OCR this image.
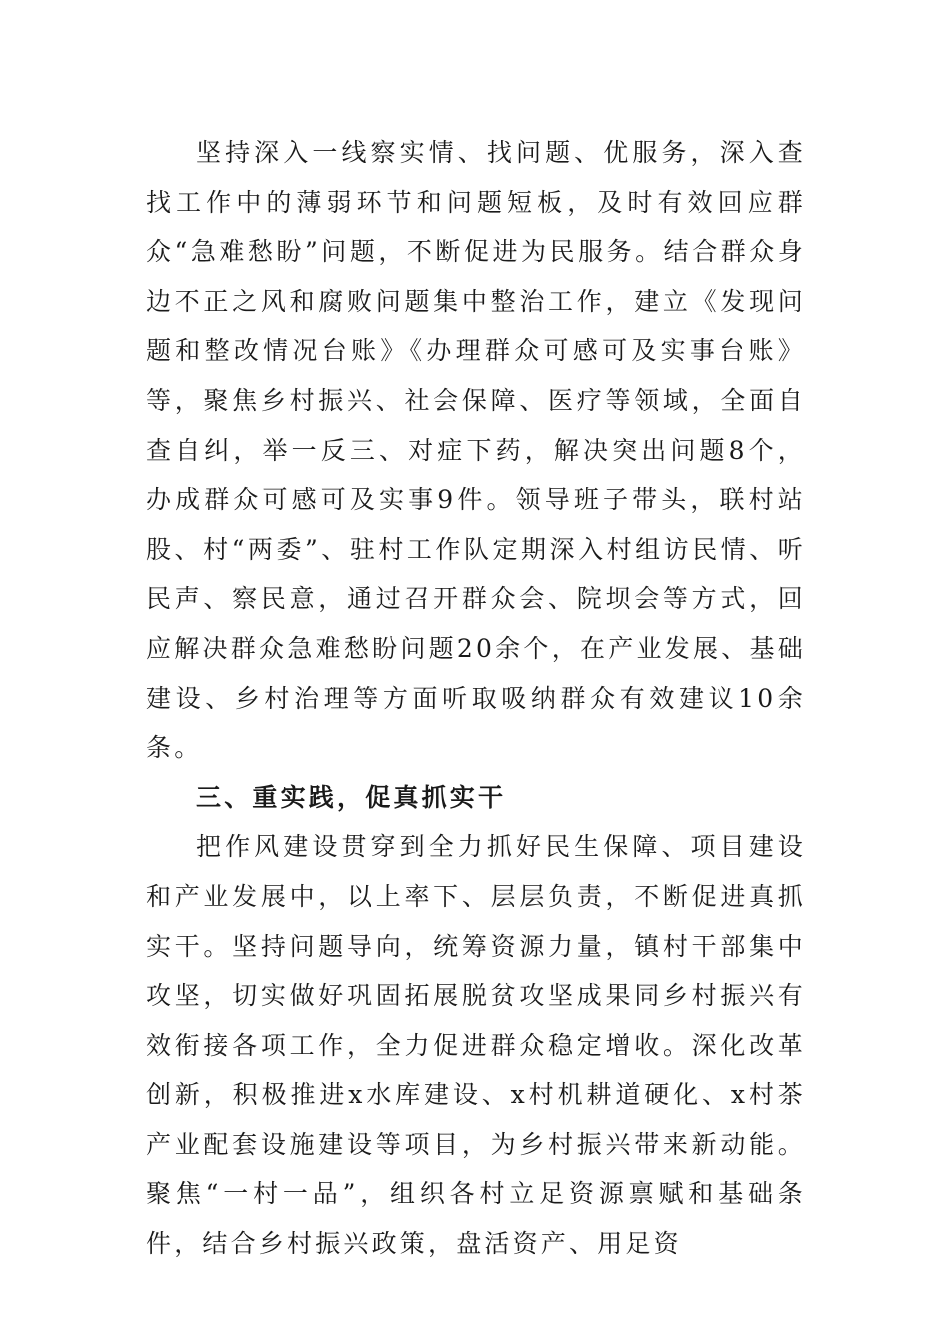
坚持深入一线察实情、找问题、优服务，深入查找工作中的薄弱环节和问题短板，及时有效回应群众“急难愁盼”问题，不断促进为民服务。结合群众身边不正之风和腐败问题集中整治工作，建立《发现问题和整改情况台账》《办理群众可感可及实事台账》等，聚焦乡村振兴、社会保障、医疗等领域，全面自查自纠，举一反三、对症下药，解决突出问题8个，办成群众可感可及实事9件。领导班子带头，联村站股、村“两委”、驻村工作队定期深入村组访民情、听民声、察民意，通过召开群众会、院坝会等方式，回应解决群众急难愁盼问题20余个，在产业发展、基础建设、乡村治理等方面听取吸纳群众有效建议10余条。

三、重实践，促真抓实干

把作风建设贯穿到全力抓好民生保障、项目建设和产业发展中，以上率下、层层负责，不断促进真抓实干。坚持问题导向，统筹资源力量，镇村干部集中攻坚，切实做好巩固拓展脱贫攻坚成果同乡村振兴有效衔接各项工作，全力促进群众稳定增收。深化改革创新，积极推进x水库建设、x村机耕道硬化、x村茶产业配套设施建设等项目，为乡村振兴带来新动能。聚焦“一村一品”，组织各村立足资源禀赋和基础条件，结合乡村振兴政策，盘活资产、用足资
